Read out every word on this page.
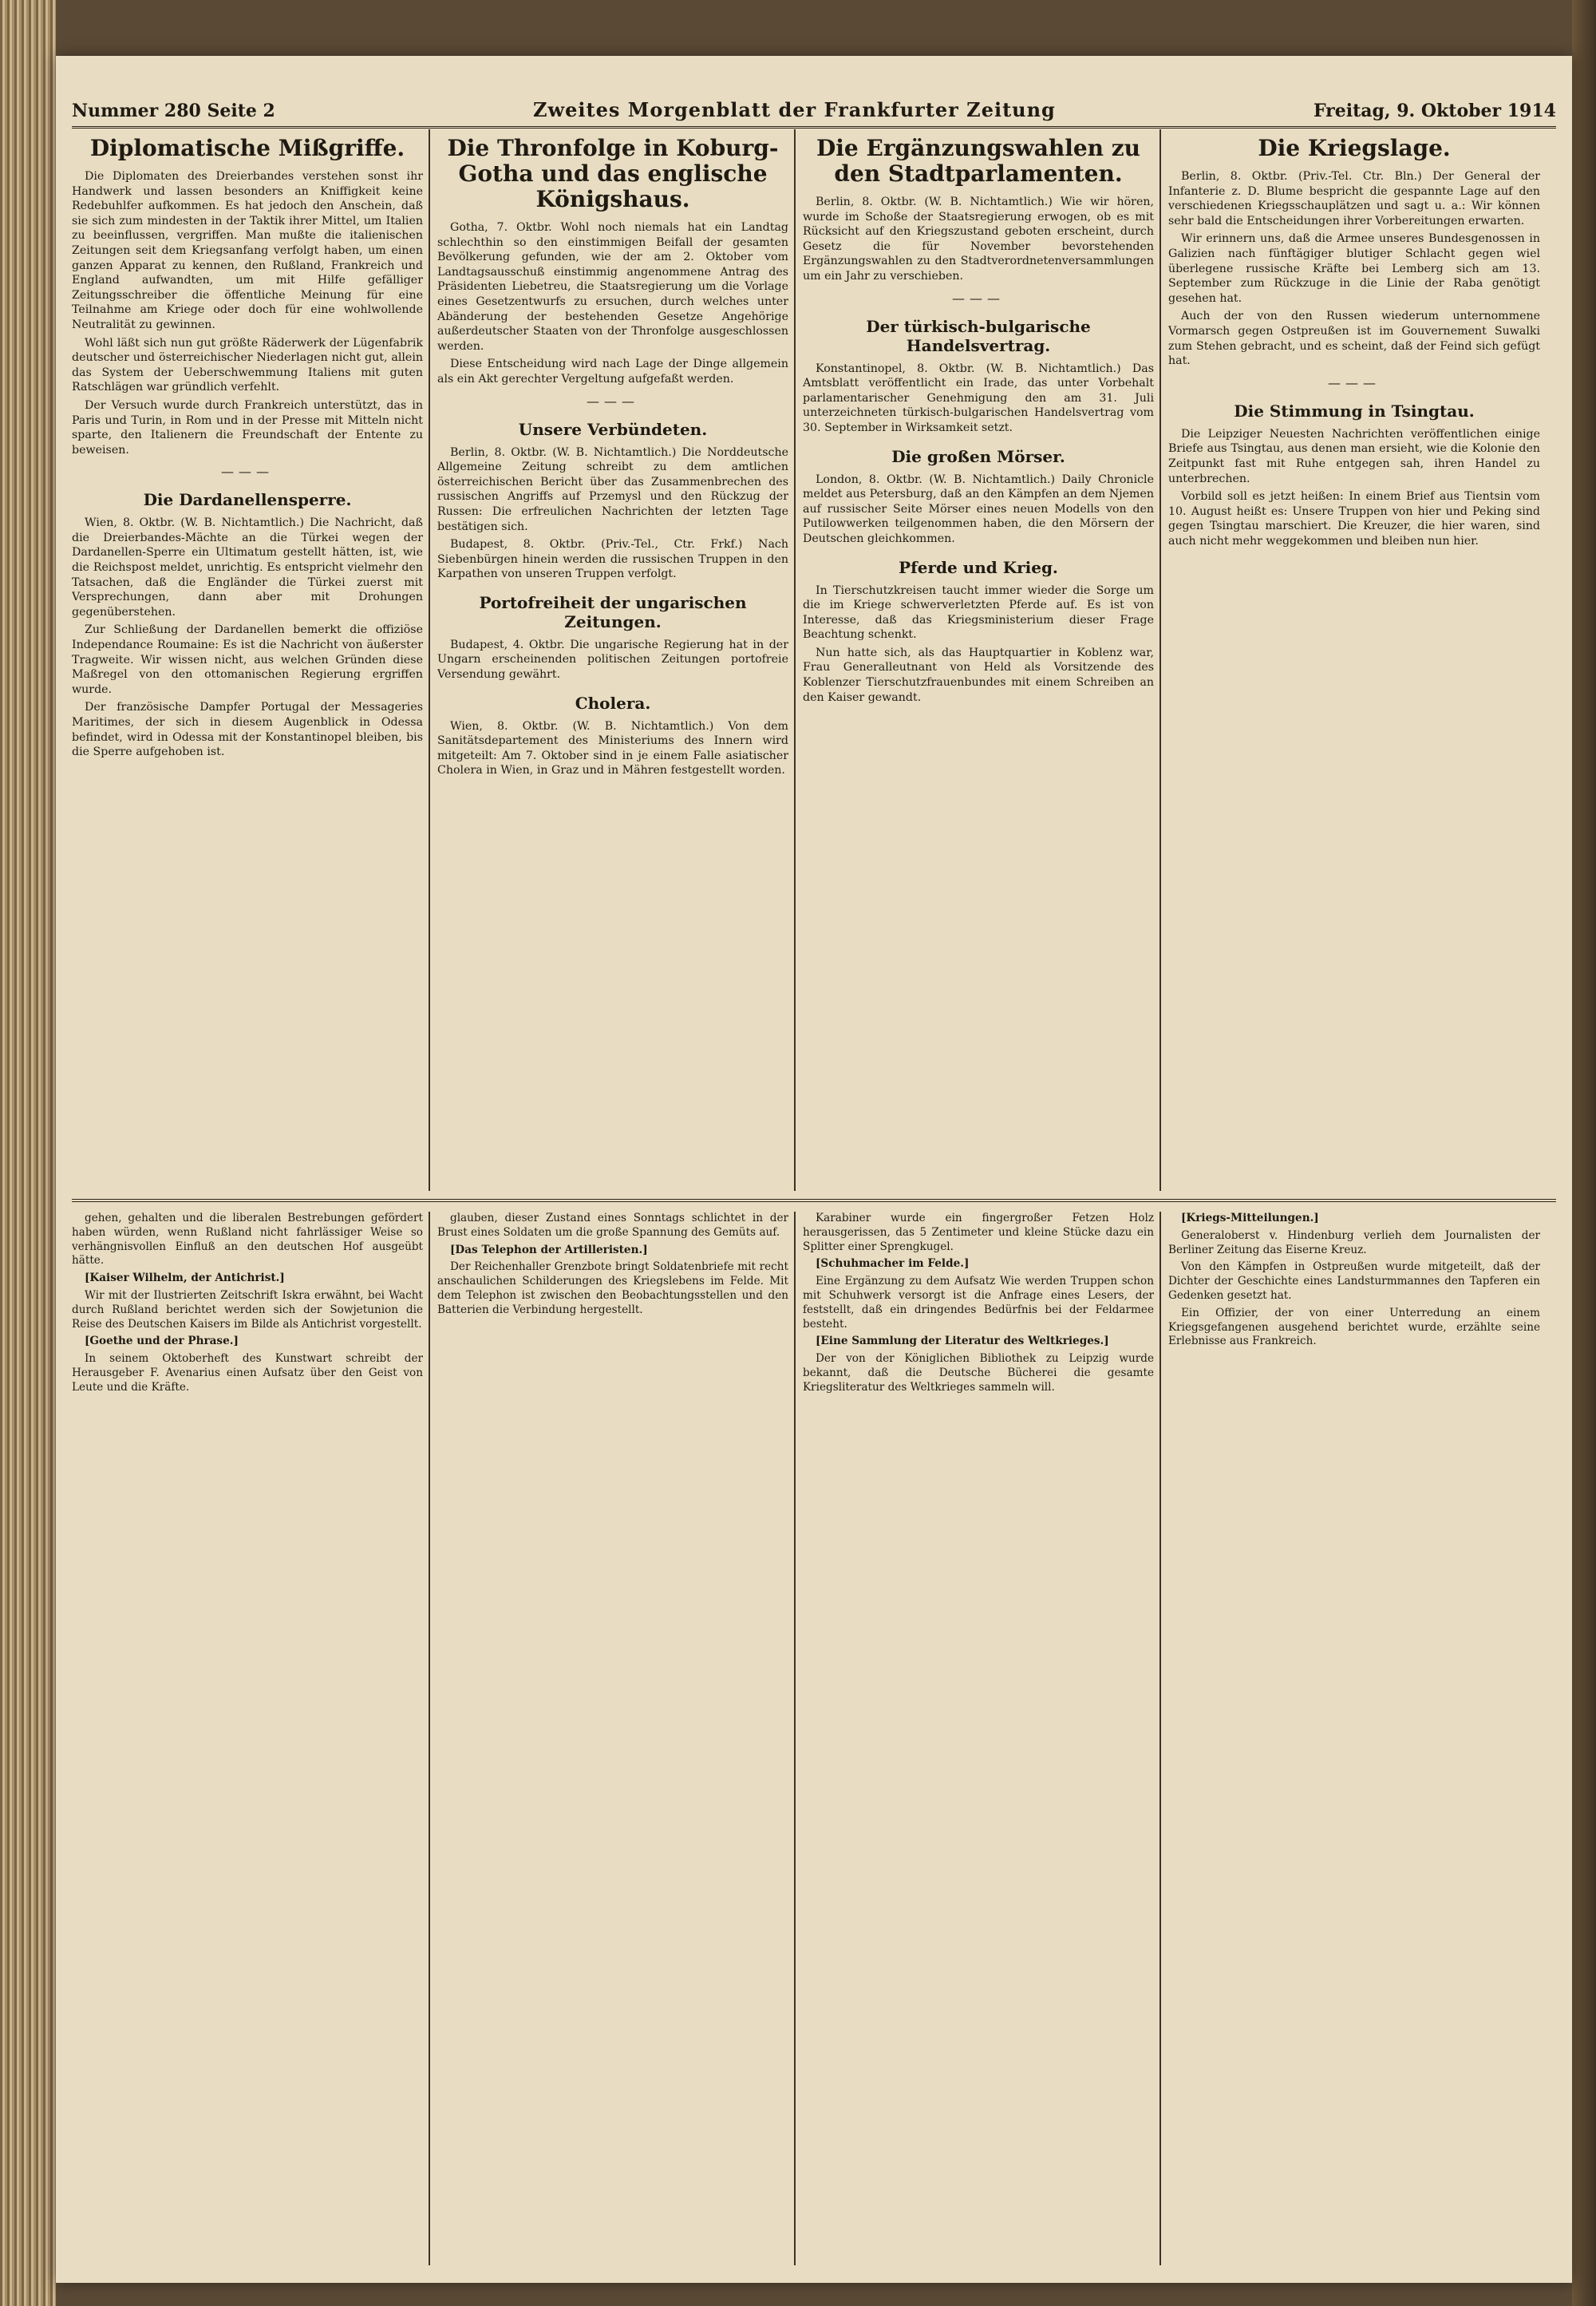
Nummer 280 Seite 2	Zweites Morgenblatt der Frankfurter Zeitung	Freitag, 9. Oktober 1914
Diplomatische Mißgriffe.

Die Diplomaten des Dreierbandes verstehen sonst ihr Handwerk und lassen besonders an Kniffigkeit keine Redebuhlfer aufkommen. Es hat jedoch den Anschein, daß sie sich zum mindesten in der Taktik ihrer Mittel, um Italien zu beeinflussen, vergriffen. Man mußte die italienischen Zeitungen seit dem Kriegsanfang verfolgt haben, um einen ganzen Apparat zu kennen, den Rußland, Frankreich und England aufwandten, um mit Hilfe gefälliger Zeitungsschreiber die öffentliche Meinung für eine Teilnahme am Kriege oder doch für eine wohlwollende Neutralität zu gewinnen.

Wohl läßt sich nun gut größte Räderwerk der Lügenfabrik deutscher und österreichischer Niederlagen nicht gut, allein das System der Ueberschwemmung Italiens mit guten Ratschlägen war gründlich verfehlt.

Der Versuch wurde durch Frankreich unterstützt, das in Paris und Turin, in Rom und in der Presse mit Mitteln nicht sparte, den Italienern die Freundschaft der Entente zu beweisen.

———
Die Dardanellensperre.

Wien, 8. Oktbr. (W. B. Nichtamtlich.) Die Nachricht, daß die Dreierbandes-Mächte an die Türkei wegen der Dardanellen-Sperre ein Ultimatum gestellt hätten, ist, wie die Reichspost meldet, unrichtig. Es entspricht vielmehr den Tatsachen, daß die Engländer die Türkei zuerst mit Versprechungen, dann aber mit Drohungen gegenüberstehen.

Zur Schließung der Dardanellen bemerkt die offiziöse Independance Roumaine: Es ist die Nachricht von äußerster Tragweite. Wir wissen nicht, aus welchen Gründen diese Maßregel von den ottomanischen Regierung ergriffen wurde.

Der französische Dampfer Portugal der Messageries Maritimes, der sich in diesem Augenblick in Odessa befindet, wird in Odessa mit der Konstantinopel bleiben, bis die Sperre aufgehoben ist.

Die Thronfolge in Koburg-Gotha und das englische Königshaus.

Gotha, 7. Oktbr. Wohl noch niemals hat ein Landtag schlechthin so den einstimmigen Beifall der gesamten Bevölkerung gefunden, wie der am 2. Oktober vom Landtagsausschuß einstimmig angenommene Antrag des Präsidenten Liebetreu, die Staatsregierung um die Vorlage eines Gesetzentwurfs zu ersuchen, durch welches unter Abänderung der bestehenden Gesetze Angehörige außerdeutscher Staaten von der Thronfolge ausgeschlossen werden.

Diese Entscheidung wird nach Lage der Dinge allgemein als ein Akt gerechter Vergeltung aufgefaßt werden.

———
Unsere Verbündeten.

Berlin, 8. Oktbr. (W. B. Nichtamtlich.) Die Norddeutsche Allgemeine Zeitung schreibt zu dem amtlichen österreichischen Bericht über das Zusammenbrechen des russischen Angriffs auf Przemysl und den Rückzug der Russen: Die erfreulichen Nachrichten der letzten Tage bestätigen sich.

Budapest, 8. Oktbr. (Priv.-Tel., Ctr. Frkf.) Nach Siebenbürgen hinein werden die russischen Truppen in den Karpathen von unseren Truppen verfolgt.

Portofreiheit der ungarischen Zeitungen.

Budapest, 4. Oktbr. Die ungarische Regierung hat in der Ungarn erscheinenden politischen Zeitungen portofreie Versendung gewährt.

Cholera.

Wien, 8. Oktbr. (W. B. Nichtamtlich.) Von dem Sanitätsdepartement des Ministeriums des Innern wird mitgeteilt: Am 7. Oktober sind in je einem Falle asiatischer Cholera in Wien, in Graz und in Mähren festgestellt worden.

Die Ergänzungswahlen zu den Stadtparlamenten.

Berlin, 8. Oktbr. (W. B. Nichtamtlich.) Wie wir hören, wurde im Schoße der Staatsregierung erwogen, ob es mit Rücksicht auf den Kriegszustand geboten erscheint, durch Gesetz die für November bevorstehenden Ergänzungswahlen zu den Stadtverordnetenversammlungen um ein Jahr zu verschieben.

———
Der türkisch-bulgarische Handelsvertrag.

Konstantinopel, 8. Oktbr. (W. B. Nichtamtlich.) Das Amtsblatt veröffentlicht ein Irade, das unter Vorbehalt parlamentarischer Genehmigung den am 31. Juli unterzeichneten türkisch-bulgarischen Handelsvertrag vom 30. September in Wirksamkeit setzt.

Die großen Mörser.

London, 8. Oktbr. (W. B. Nichtamtlich.) Daily Chronicle meldet aus Petersburg, daß an den Kämpfen an dem Njemen auf russischer Seite Mörser eines neuen Modells von den Putilowwerken teilgenommen haben, die den Mörsern der Deutschen gleichkommen.

Pferde und Krieg.

In Tierschutzkreisen taucht immer wieder die Sorge um die im Kriege schwerverletzten Pferde auf. Es ist von Interesse, daß das Kriegsministerium dieser Frage Beachtung schenkt.

Nun hatte sich, als das Hauptquartier in Koblenz war, Frau Generalleutnant von Held als Vorsitzende des Koblenzer Tierschutzfrauenbundes mit einem Schreiben an den Kaiser gewandt.

Die Kriegslage.

Berlin, 8. Oktbr. (Priv.-Tel. Ctr. Bln.) Der General der Infanterie z. D. Blume bespricht die gespannte Lage auf den verschiedenen Kriegsschauplätzen und sagt u. a.: Wir können sehr bald die Entscheidungen ihrer Vorbereitungen erwarten.

Wir erinnern uns, daß die Armee unseres Bundesgenossen in Galizien nach fünftägiger blutiger Schlacht gegen wiel überlegene russische Kräfte bei Lemberg sich am 13. September zum Rückzuge in die Linie der Raba genötigt gesehen hat.

Auch der von den Russen wiederum unternommene Vormarsch gegen Ostpreußen ist im Gouvernement Suwalki zum Stehen gebracht, und es scheint, daß der Feind sich gefügt hat.

———
Die Stimmung in Tsingtau.

Die Leipziger Neuesten Nachrichten veröffentlichen einige Briefe aus Tsingtau, aus denen man ersieht, wie die Kolonie den Zeitpunkt fast mit Ruhe entgegen sah, ihren Handel zu unterbrechen.

Vorbild soll es jetzt heißen: In einem Brief aus Tientsin vom 10. August heißt es: Unsere Truppen von hier und Peking sind gegen Tsingtau marschiert. Die Kreuzer, die hier waren, sind auch nicht mehr weggekommen und bleiben nun hier.

gehen, gehalten und die liberalen Bestrebungen gefördert haben würden, wenn Rußland nicht fahrlässiger Weise so verhängnisvollen Einfluß an den deutschen Hof ausgeübt hätte.

[Kaiser Wilhelm, der Antichrist.]

Wir mit der Ilustrierten Zeitschrift Iskra erwähnt, bei Wacht durch Rußland berichtet werden sich der Sowjetunion die Reise des Deutschen Kaisers im Bilde als Antichrist vorgestellt.

[Goethe und der Phrase.]

In seinem Oktoberheft des Kunstwart schreibt der Herausgeber F. Avenarius einen Aufsatz über den Geist von Leute und die Kräfte.

glauben, dieser Zustand eines Sonntags schlichtet in der Brust eines Soldaten um die große Spannung des Gemüts auf.

[Das Telephon der Artilleristen.]

Der Reichenhaller Grenzbote bringt Soldatenbriefe mit recht anschaulichen Schilderungen des Kriegslebens im Felde. Mit dem Telephon ist zwischen den Beobachtungsstellen und den Batterien die Verbindung hergestellt.

Karabiner wurde ein fingergroßer Fetzen Holz herausgerissen, das 5 Zentimeter und kleine Stücke dazu ein Splitter einer Sprengkugel.

[Schuhmacher im Felde.]

Eine Ergänzung zu dem Aufsatz Wie werden Truppen schon mit Schuhwerk versorgt ist die Anfrage eines Lesers, der feststellt, daß ein dringendes Bedürfnis bei der Feldarmee besteht.

[Eine Sammlung der Literatur des Weltkrieges.]

Der von der Königlichen Bibliothek zu Leipzig wurde bekannt, daß die Deutsche Bücherei die gesamte Kriegsliteratur des Weltkrieges sammeln will.

[Kriegs-Mitteilungen.]

Generaloberst v. Hindenburg verlieh dem Journalisten der Berliner Zeitung das Eiserne Kreuz.

Von den Kämpfen in Ostpreußen wurde mitgeteilt, daß der Dichter der Geschichte eines Landsturmmannes den Tapferen ein Gedenken gesetzt hat.

Ein Offizier, der von einer Unterredung an einem Kriegsgefangenen ausgehend berichtet wurde, erzählte seine Erlebnisse aus Frankreich.
